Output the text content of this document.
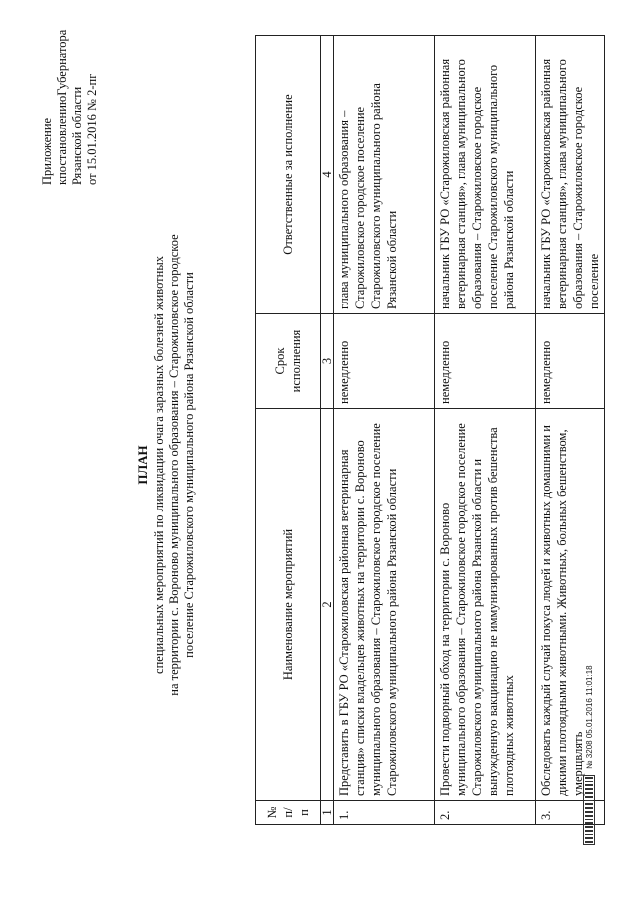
Приложение к
постановлению
Губернатора
Рязанской области от 15.01.2016 № 2-пг
ПЛАН специальных мероприятий по ликвидации очага заразных болезней животных на территории с. Вороново муниципального образования – Старожиловское городское поселение Старожиловского муниципального района Рязанской области
№ п/п	Наименование мероприятий	Срок исполнения	Ответственные за исполнение
1	2	3	4
1.	Представить в ГБУ РО «Старожиловская районная ветеринарная станция» списки владельцев животных на территории с. Вороново муниципального образования – Старожиловское городское поселение Старожиловского муниципального района Рязанской области	немедленно	глава муниципального образования – Старожиловское городское поселение Старожиловского муниципального района Рязанской области
2.	Провести подворный обход на территории с. Вороново муниципального образования – Старожиловское городское поселение Старожиловского муниципального района Рязанской области и вынужденную вакцинацию не иммунизированных против бешенства плотоядных животных	немедленно	начальник ГБУ РО «Старожиловская районная ветеринарная станция», глава муниципального образования – Старожиловское городское поселение Старожиловского муниципального района Рязанской области
3.	Обследовать каждый случай покуса людей и животных домашними и дикими плотоядными животными. Животных, больных бешенством, умерщвлять	немедленно	начальник ГБУ РО «Старожиловская районная ветеринарная станция», глава муниципального образования – Старожиловское городское поселение
№ 3208 05.01.2016 11:01:18
